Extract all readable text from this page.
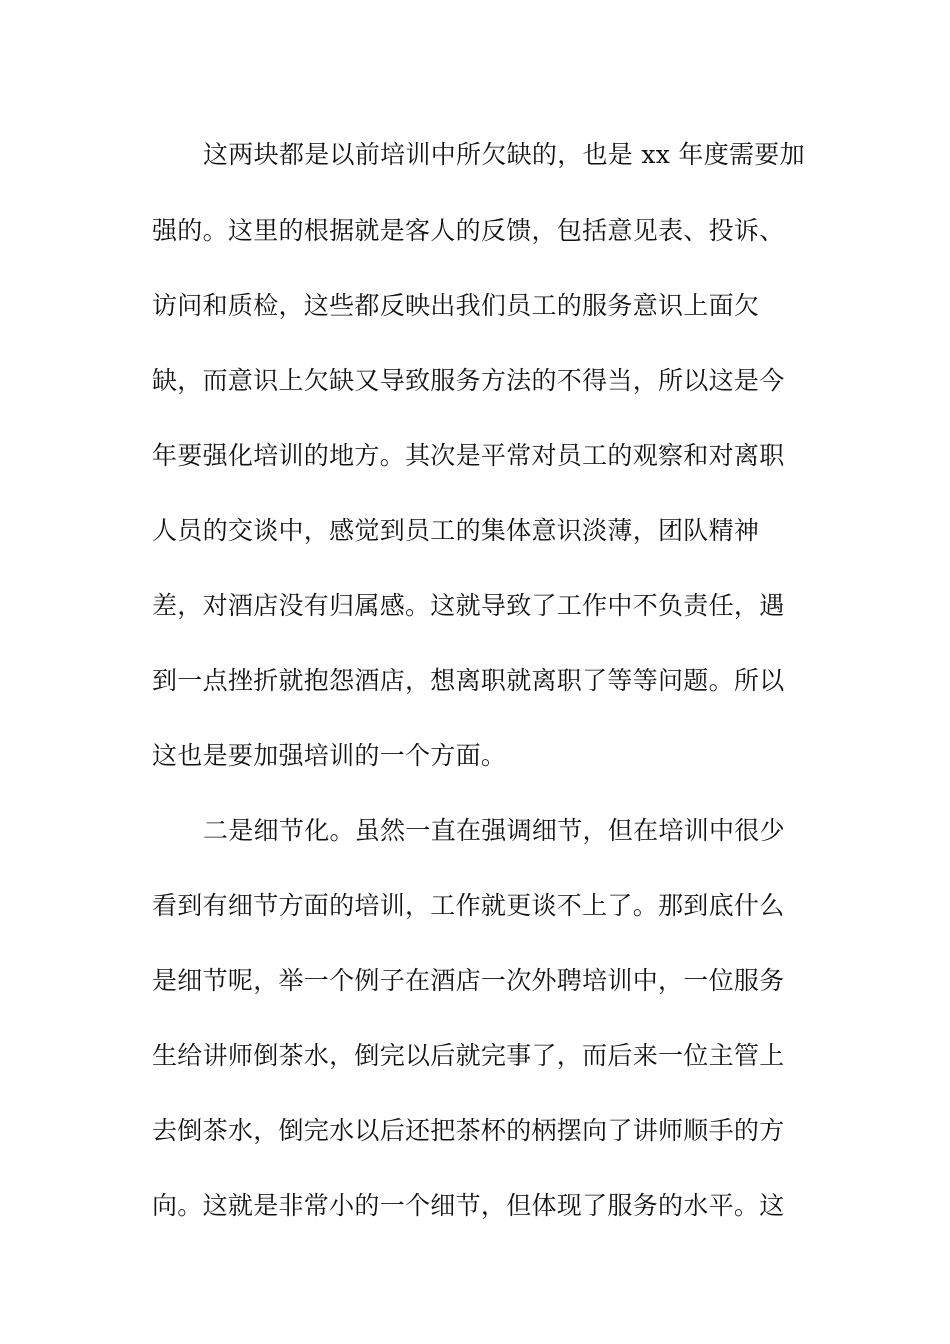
这两块都是以前培训中所欠缺的，也是 xx 年度需要加
强的。这里的根据就是客人的反馈，包括意见表、投诉、
访问和质检，这些都反映出我们员工的服务意识上面欠
缺，而意识上欠缺又导致服务方法的不得当，所以这是今
年要强化培训的地方。其次是平常对员工的观察和对离职
人员的交谈中，感觉到员工的集体意识淡薄，团队精神
差，对酒店没有归属感。这就导致了工作中不负责任，遇
到一点挫折就抱怨酒店，想离职就离职了等等问题。所以
这也是要加强培训的一个方面。
二是细节化。虽然一直在强调细节，但在培训中很少
看到有细节方面的培训，工作就更谈不上了。那到底什么
是细节呢，举一个例子在酒店一次外聘培训中，一位服务
生给讲师倒茶水，倒完以后就完事了，而后来一位主管上
去倒茶水，倒完水以后还把茶杯的柄摆向了讲师顺手的方
向。这就是非常小的一个细节，但体现了服务的水平。这
